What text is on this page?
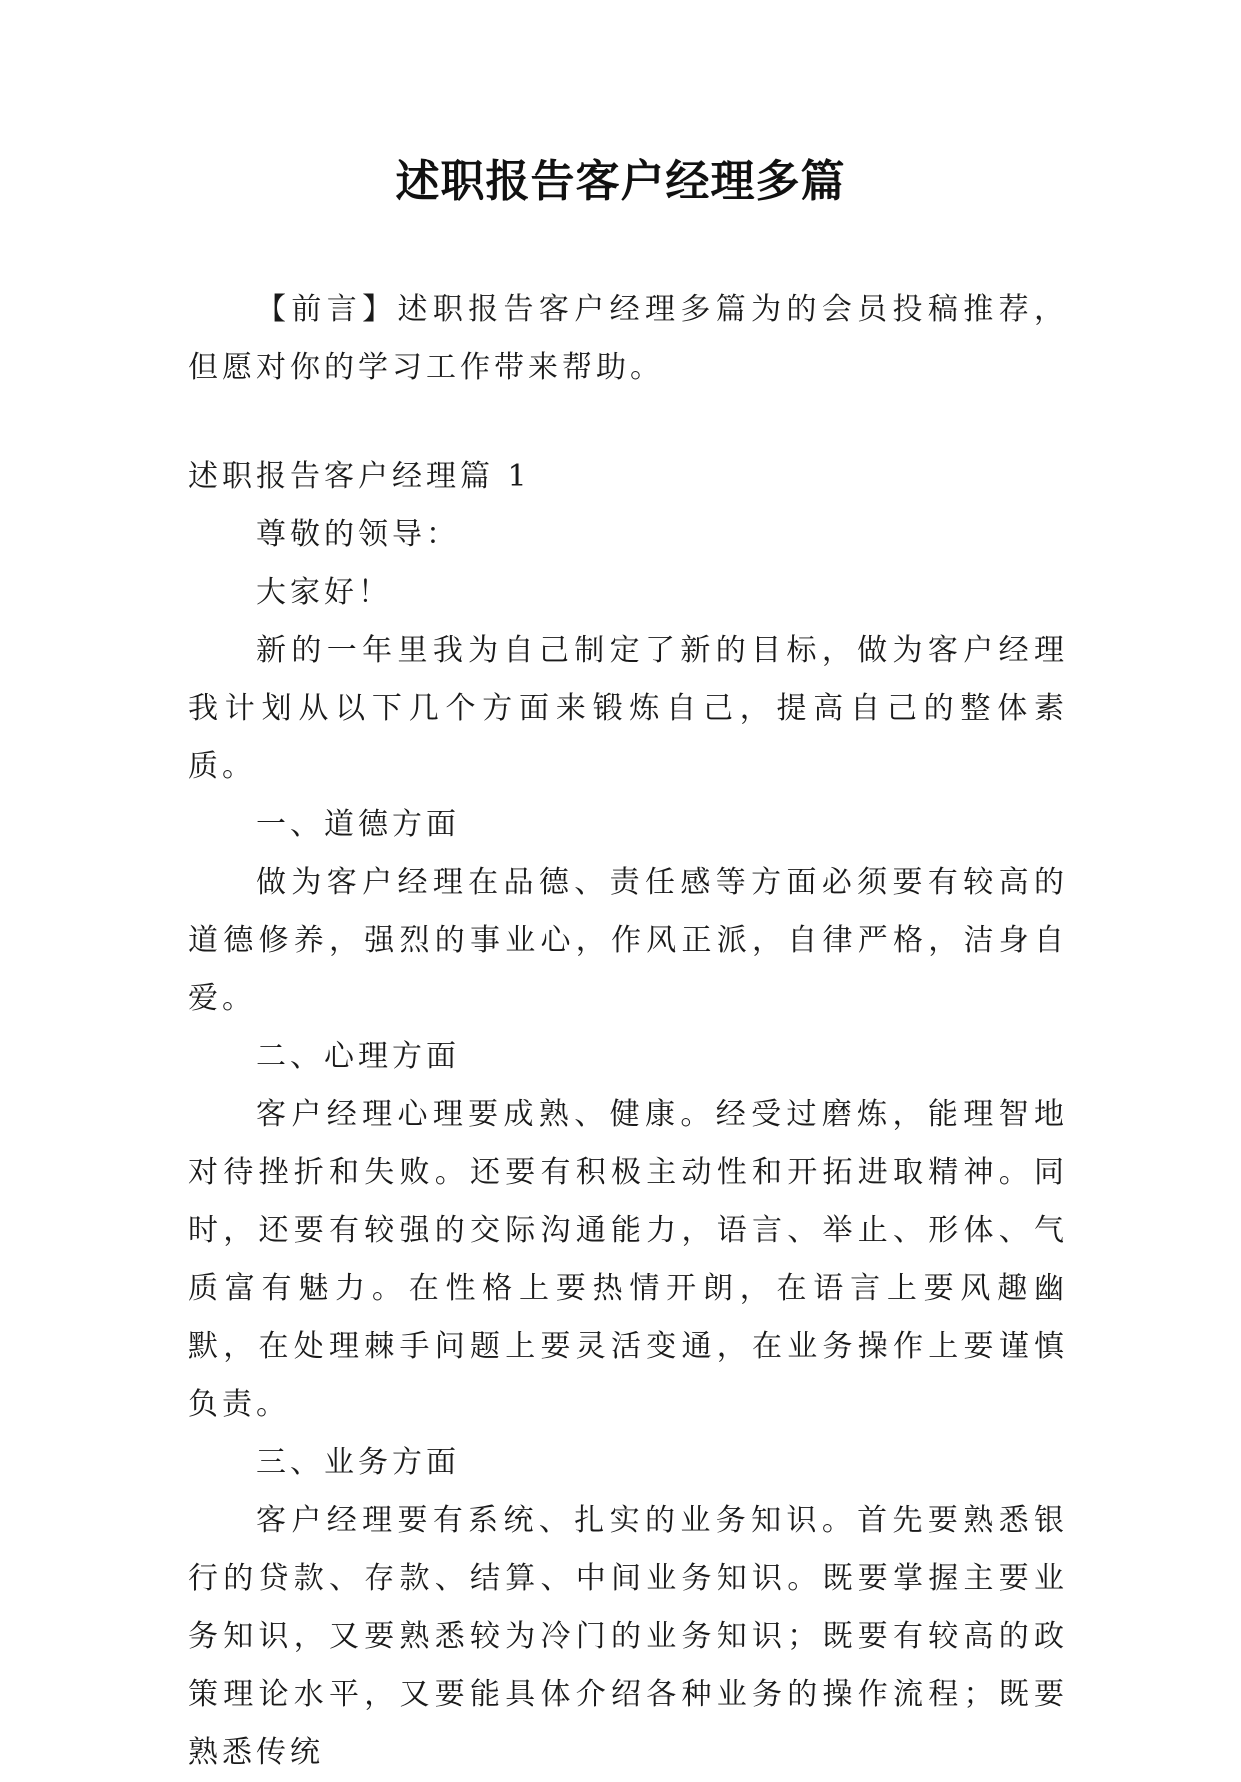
述职报告客户经理多篇

【前言】述职报告客户经理多篇为的会员投稿推荐，但愿对你的学习工作带来帮助。

述职报告客户经理篇 1

尊敬的领导：

大家好！

新的一年里我为自己制定了新的目标，做为客户经理我计划从以下几个方面来锻炼自己，提高自己的整体素质。

一、道德方面

做为客户经理在品德、责任感等方面必须要有较高的道德修养，强烈的事业心，作风正派，自律严格，洁身自爱。

二、心理方面

客户经理心理要成熟、健康。经受过磨炼，能理智地对待挫折和失败。还要有积极主动性和开拓进取精神。同时，还要有较强的交际沟通能力，语言、举止、形体、气质富有魅力。在性格上要热情开朗，在语言上要风趣幽默，在处理棘手问题上要灵活变通，在业务操作上要谨慎负责。

三、业务方面

客户经理要有系统、扎实的业务知识。首先要熟悉银行的贷款、存款、结算、中间业务知识。既要掌握主要业务知识，又要熟悉较为冷门的业务知识；既要有较高的政策理论水平，又要能具体介绍各种业务的操作流程；既要熟悉传统
